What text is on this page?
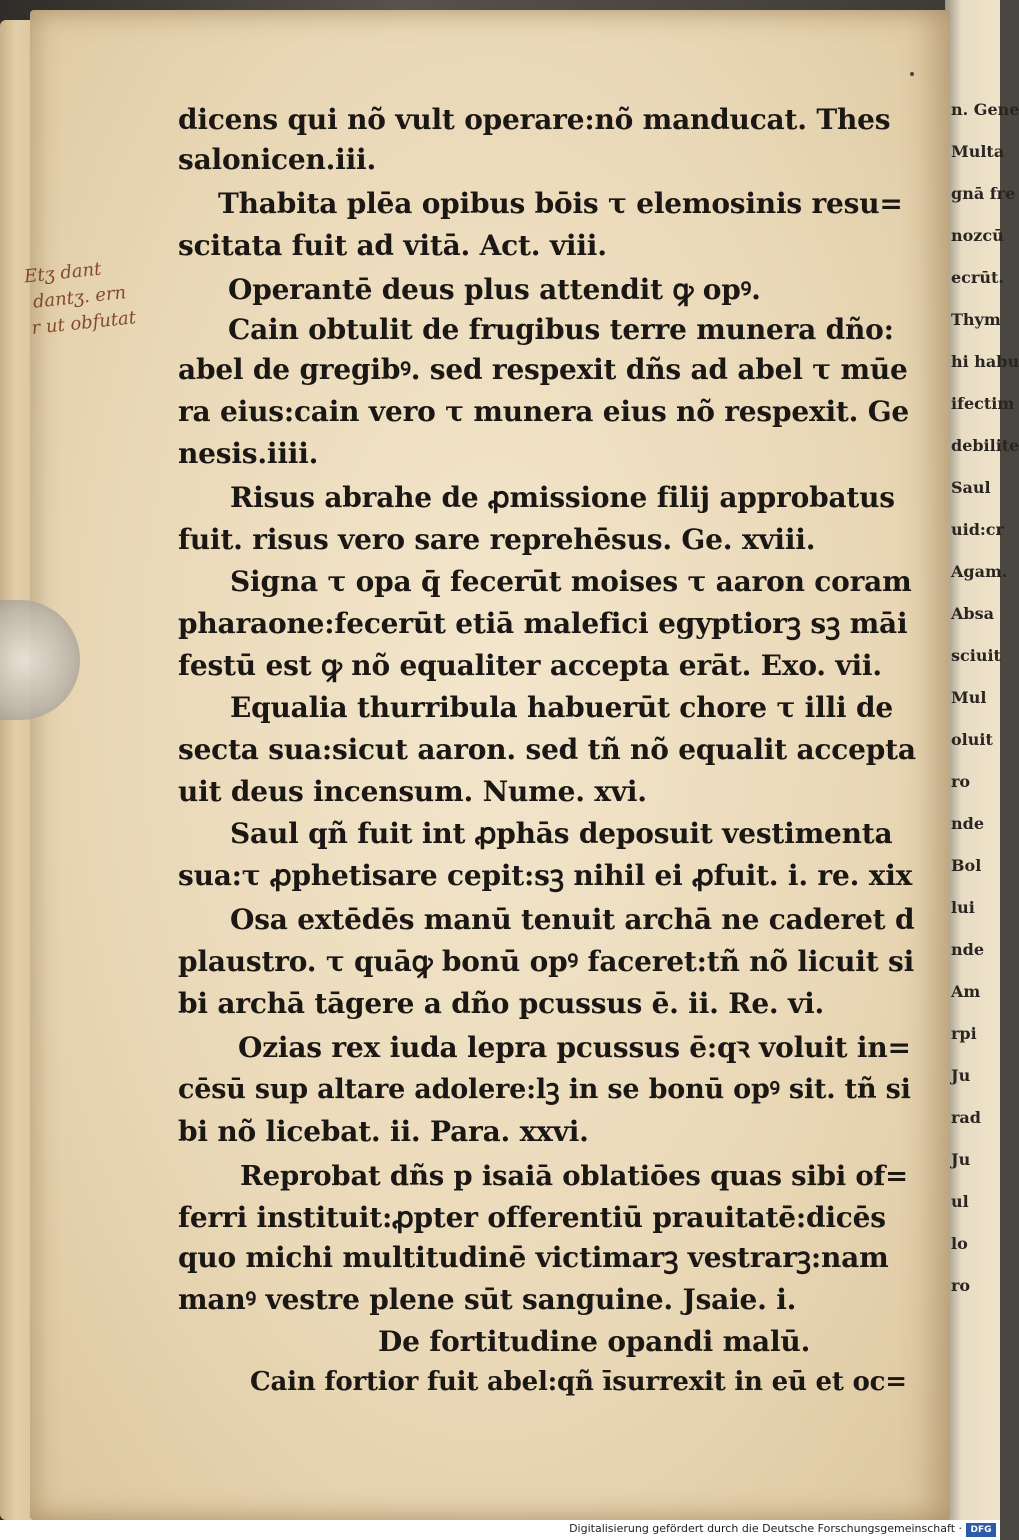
n. Gene
Multa
gnā fre
nozcū
ecrūt.
Thym
hi habu
ifectim
debilite
Saul
uid:cr
Agam.
Absa
sciuit
Mul
oluit
ro
nde
Bol
lui
nde
Am
rpi
Ju
rad
Ju
ul
lo
ro
Etʒ dant
dantʒ. ern
r ut obfutat
dicens qui nõ vult operare:nõ manducat. Thes
salonicen.iii.
Thabita plēa opibus bōis τ elemosinis resu=
scitata fuit ad vitā. Act. viii.
Operantē deus plus attendit ꝙ opꝰ.
Cain obtulit de frugibus terre munera dño:
abel de gregibꝰ. sed respexit dñs ad abel τ mūe
ra eius:cain vero τ munera eius nõ respexit. Ge
nesis.iiii.
Risus abrahe de ꝓmissione filij approbatus
fuit. risus vero sare reprehēsus. Ge. xviii.
Signa τ opa q̄ fecerūt moises τ aaron coram
pharaone:fecerūt etiā malefici egyptiorꝫ sꝫ māi
festū est ꝙ nõ equaliter accepta erāt. Exo. vii.
Equalia thurribula habuerūt chore τ illi de
secta sua:sicut aaron. sed tñ nõ equalit accepta
uit deus incensum. Nume. xvi.
Saul qñ fuit int ꝓphās deposuit vestimenta
sua:τ ꝓphetisare cepit:sꝫ nihil ei ꝓfuit. i. re. xix
Osa extēdēs manū tenuit archā ne caderet d
plaustro. τ quāꝙ bonū opꝰ faceret:tñ nõ licuit si
bi archā tāgere a dño pcussus ē. ii. Re. vi.
Ozias rex iuda lepra pcussus ē:qꝛ voluit in=
cēsū sup altare adolere:lꝫ in se bonū opꝰ sit. tñ si
bi nõ licebat. ii. Para. xxvi.
Reprobat dñs p isaiā oblatiōes quas sibi of=
ferri instituit:ꝓpter offerentiū prauitatē:dicēs
quo michi multitudinē victimarꝫ vestrarꝫ:nam
manꝰ vestre plene sūt sanguine. Jsaie. i.
De fortitudine opandi malū.
Cain fortior fuit abel:qñ īsurrexit in eū et oc=
Digitalisierung gefördert durch die Deutsche Forschungsgemeinschaft · DFG
